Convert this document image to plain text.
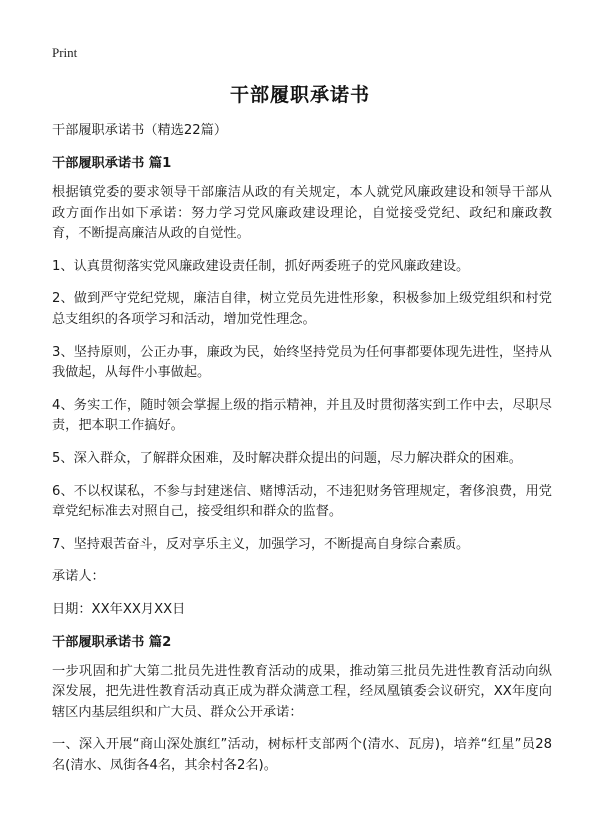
Print
干部履职承诺书

干部履职承诺书（精选22篇）

干部履职承诺书 篇1

根据镇党委的要求领导干部廉洁从政的有关规定，本人就党风廉政建设和领导干部从政方面作出如下承诺：努力学习党风廉政建设理论，自觉接受党纪、政纪和廉政教育，不断提高廉洁从政的自觉性。

1、认真贯彻落实党风廉政建设责任制，抓好两委班子的党风廉政建设。

2、做到严守党纪党规，廉洁自律，树立党员先进性形象，积极参加上级党组织和村党总支组织的各项学习和活动，增加党性理念。

3、坚持原则，公正办事，廉政为民，始终坚持党员为任何事都要体现先进性，坚持从我做起，从每件小事做起。

4、务实工作，随时领会掌握上级的指示精神，并且及时贯彻落实到工作中去，尽职尽责，把本职工作搞好。

5、深入群众，了解群众困难，及时解决群众提出的问题，尽力解决群众的困难。

6、不以权谋私，不参与封建迷信、赌博活动，不违犯财务管理规定，奢侈浪费，用党章党纪标准去对照自己，接受组织和群众的监督。

7、坚持艰苦奋斗，反对享乐主义，加强学习，不断提高自身综合素质。

承诺人：

日期：XX年XX月XX日

干部履职承诺书 篇2

一步巩固和扩大第二批员先进性教育活动的成果，推动第三批员先进性教育活动向纵深发展，把先进性教育活动真正成为群众满意工程，经凤凰镇委会议研究，XX年度向辖区内基层组织和广大员、群众公开承诺：

一、深入开展“商山深处旗红”活动，树标杆支部两个(清水、瓦房)，培养“红星”员28名(清水、凤街各4名，其余村各2名)。
